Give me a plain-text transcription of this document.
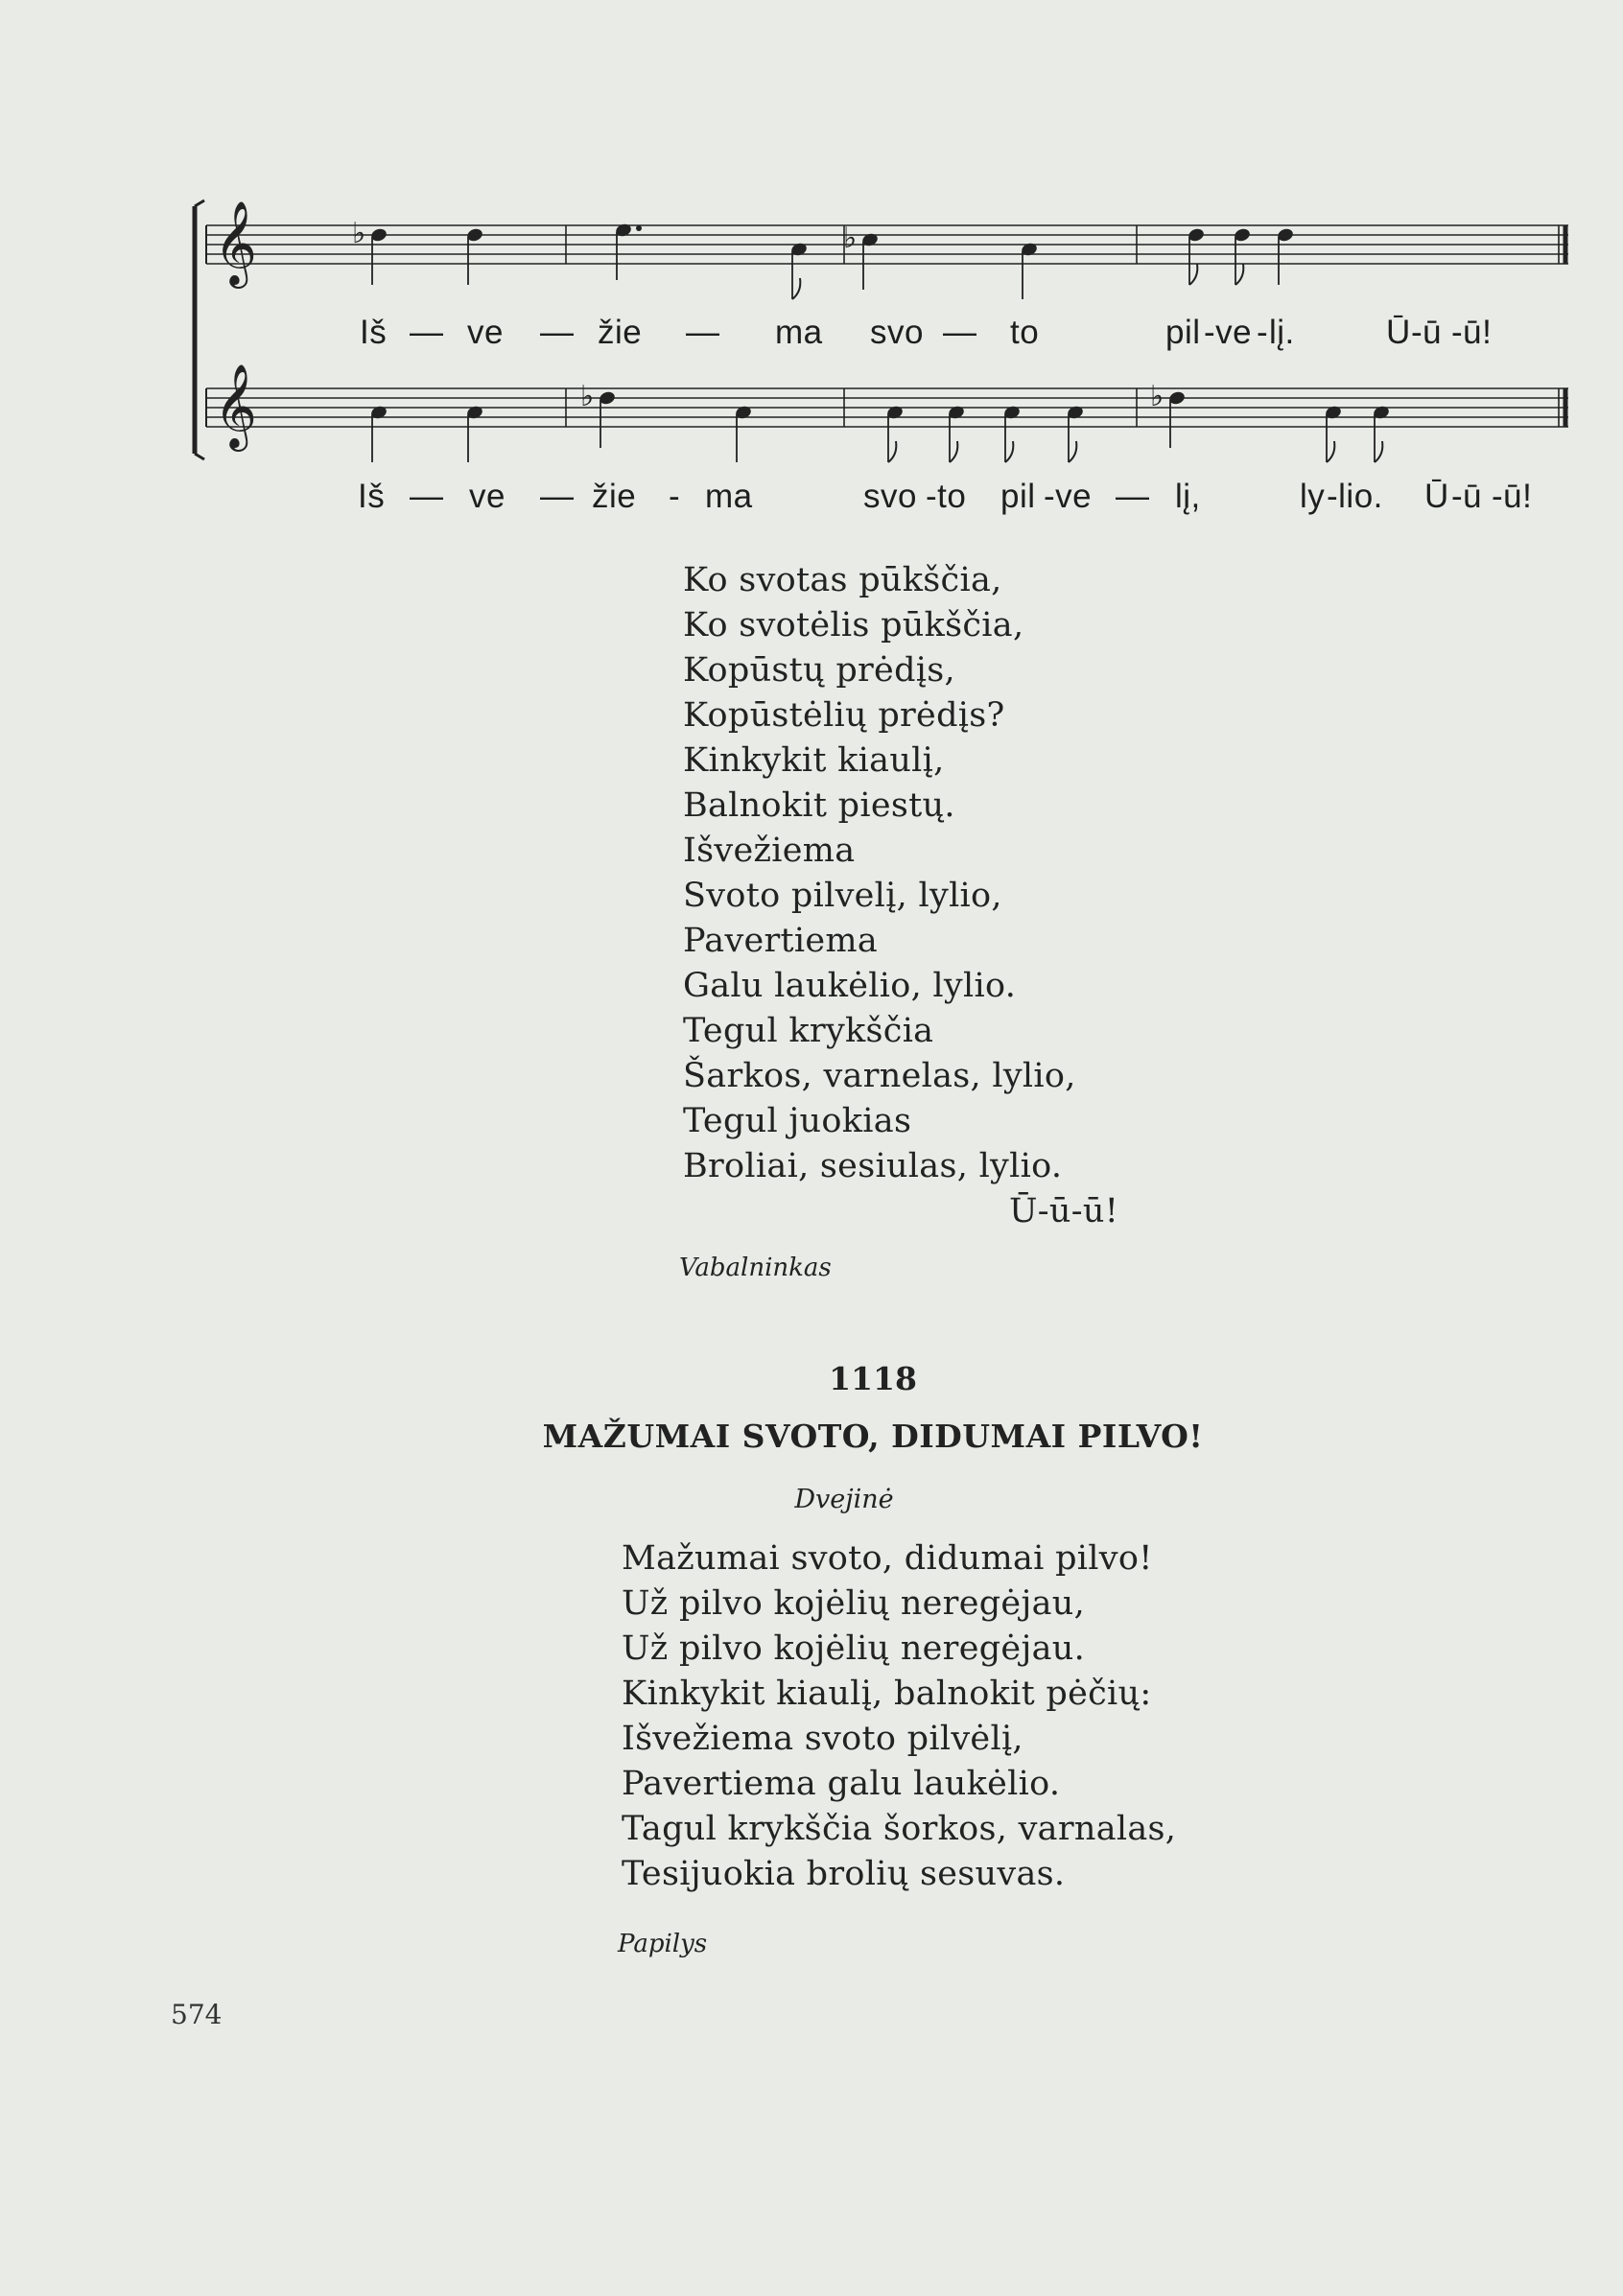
𝄞
𝄞
♭	♭
♭	♭
Iš — ve — žie — ma svo — to	pil -ve - lį.	Ū -ū -ū!
Iš — ve — žie - ma	svo -to pil -ve — lį,	ly -lio. Ū -ū -ū!
Ko svotas pūkščia,
Ko svotėlis pūkščia,
Kopūstų prėdįs,
Kopūstėlių prėdįs?
Kinkykit kiaulį,
Balnokit piestų.
Išvežiema
Svoto pilvelį, lylio,
Pavertiema
Galu laukėlio, lylio.
Tegul krykščia
Šarkos, varnelas, lylio,
Tegul juokias
Broliai, sesiulas, lylio.
Ū-ū-ū!
Vabalninkas
1118
MAŽUMAI SVOTO, DIDUMAI PILVO!
Dvejinė
Mažumai svoto, didumai pilvo!
Už pilvo kojėlių neregėjau,
Už pilvo kojėlių neregėjau.
Kinkykit kiaulį, balnokit pėčių:
Išvežiema svoto pilvėlį,
Pavertiema galu laukėlio.
Tagul krykščia šorkos, varnalas,
Tesijuokia brolių sesuvas.
Papilys
574
